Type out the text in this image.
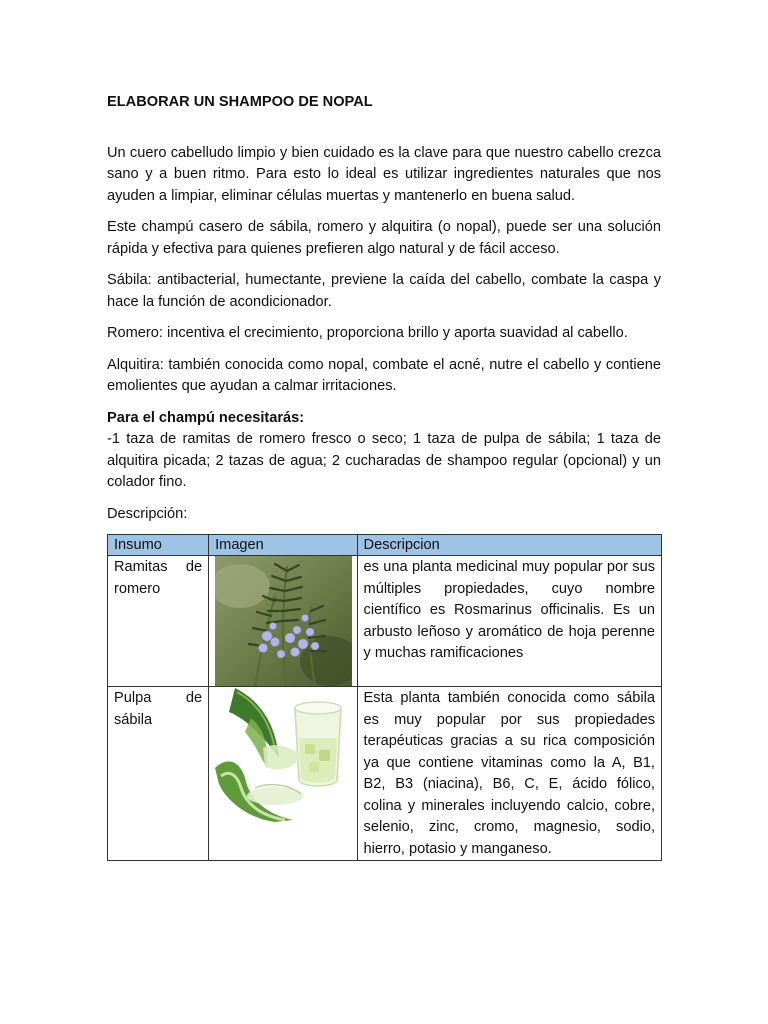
ELABORAR UN SHAMPOO DE NOPAL

Un cuero cabelludo limpio y bien cuidado es la clave para que nuestro cabello crezca sano y a buen ritmo. Para esto lo ideal es utilizar ingredientes naturales que nos ayuden a limpiar, eliminar células muertas y mantenerlo en buena salud.

Este champú casero de sábila, romero y alquitira (o nopal), puede ser una solución rápida y efectiva para quienes prefieren algo natural y de fácil acceso.

Sábila: antibacterial, humectante, previene la caída del cabello, combate la caspa y hace la función de acondicionador.

Romero: incentiva el crecimiento, proporciona brillo y aporta suavidad al cabello.

Alquitira: también conocida como nopal, combate el acné, nutre el cabello y contiene emolientes que ayudan a calmar irritaciones.

Para el champú necesitarás:
-1 taza de ramitas de romero fresco o seco; 1 taza de pulpa de sábila; 1 taza de alquitira picada; 2 tazas de agua; 2 cucharadas de shampoo regular (opcional) y un colador fino.
Descripción:
Insumo	Imagen	Descripcion

Ramitas de
romero		es una planta medicinal muy popular por sus múltiples propiedades, cuyo nombre científico es Rosmarinus officinalis. Es un arbusto leñoso y aromático de hoja perenne y muchas ramificaciones

Pulpa de
sábila		Esta planta también conocida como sábila es muy popular por sus propiedades terapéuticas gracias a su rica composición ya que contiene vitaminas como la A, B1, B2, B3 (niacina), B6, C, E, ácido fólico, colina y minerales incluyendo calcio, cobre, selenio, zinc, cromo, magnesio, sodio, hierro, potasio y manganeso.
